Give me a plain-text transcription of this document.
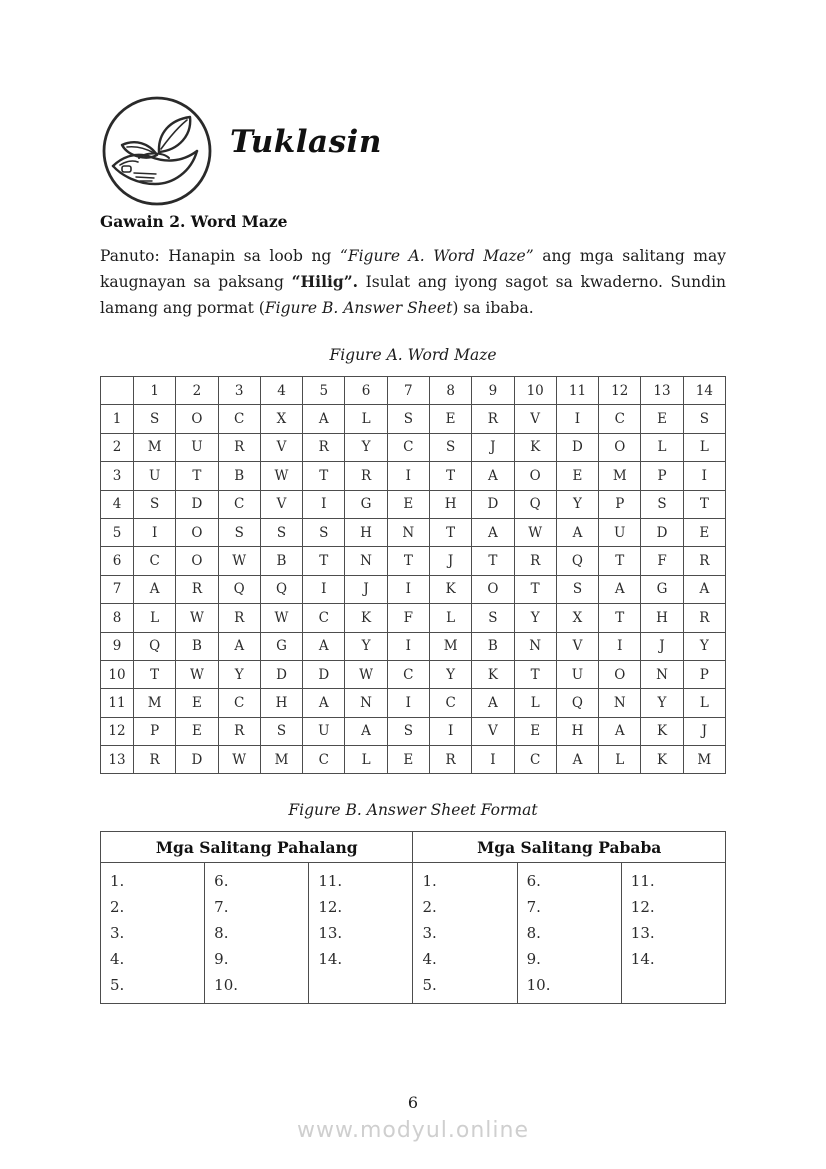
Tuklasin
Gawain 2. Word Maze

Panuto: Hanapin sa loob ng “Figure A. Word Maze” ang mga salitang may kaugnayan sa paksang “Hilig”. Isulat ang iyong sagot sa kwaderno. Sundin lamang ang pormat (Figure B. Answer Sheet) sa ibaba.

Figure A. Word Maze
	1	2	3	4	5	6	7	8	9	10	11	12	13	14
1	S	O	C	X	A	L	S	E	R	V	I	C	E	S
2	M	U	R	V	R	Y	C	S	J	K	D	O	L	L
3	U	T	B	W	T	R	I	T	A	O	E	M	P	I
4	S	D	C	V	I	G	E	H	D	Q	Y	P	S	T
5	I	O	S	S	S	H	N	T	A	W	A	U	D	E
6	C	O	W	B	T	N	T	J	T	R	Q	T	F	R
7	A	R	Q	Q	I	J	I	K	O	T	S	A	G	A
8	L	W	R	W	C	K	F	L	S	Y	X	T	H	R
9	Q	B	A	G	A	Y	I	M	B	N	V	I	J	Y
10	T	W	Y	D	D	W	C	Y	K	T	U	O	N	P
11	M	E	C	H	A	N	I	C	A	L	Q	N	Y	L
12	P	E	R	S	U	A	S	I	V	E	H	A	K	J
13	R	D	W	M	C	L	E	R	I	C	A	L	K	M
Figure B. Answer Sheet Format
Mga Salitang Pahalang			Mga Salitang Pababa		

1.
2.
3.
4.
5.

6.
7.
8.
9.
10.

11.
12.
13.
14.

1.
2.
3.
4.
5.

6.
7.
8.
9.
10.

11.
12.
13.
14.
6
www.modyul.online
